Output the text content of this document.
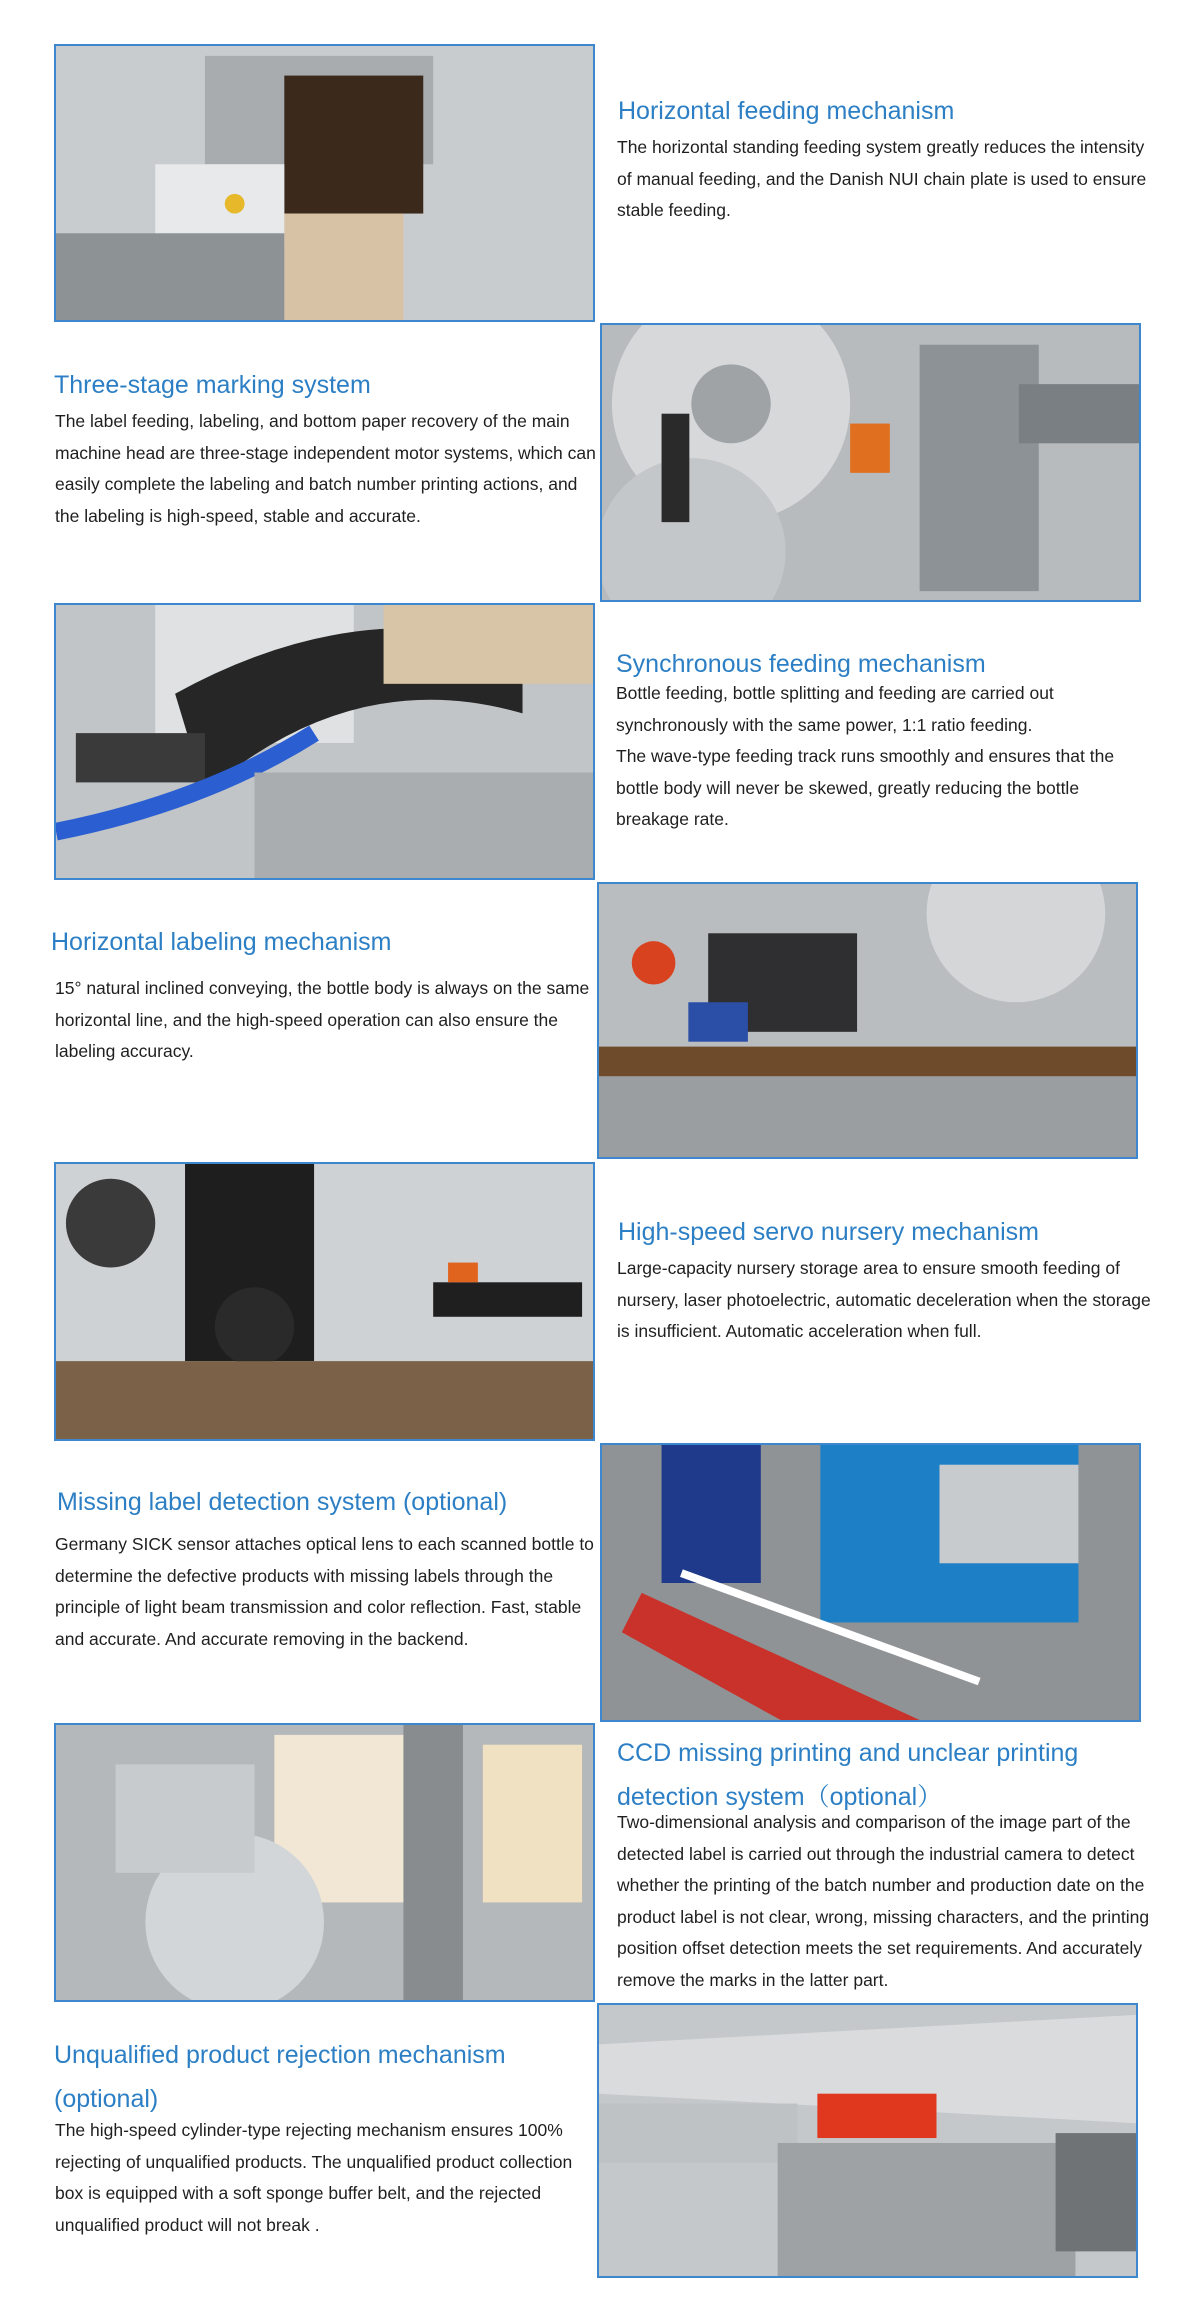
Horizontal feeding mechanism

The horizontal standing feeding system greatly reduces the intensity of manual feeding, and the Danish NUI chain plate is used to ensure stable feeding.

Three-stage marking system

The label feeding, labeling, and bottom paper recovery of the main machine head are three-stage independent motor systems, which can easily complete the labeling and batch number printing actions, and the labeling is high-speed, stable and accurate.

Synchronous feeding mechanism

Bottle feeding, bottle splitting and feeding are carried out synchronously with the same power, 1:1 ratio feeding.

The wave-type feeding track runs smoothly and ensures that the bottle body will never be skewed, greatly reducing the bottle breakage rate.

Horizontal labeling mechanism

15° natural inclined conveying, the bottle body is always on the same horizontal line, and the high-speed operation can also ensure the labeling accuracy.

High-speed servo nursery mechanism

Large-capacity nursery storage area to ensure smooth feeding of nursery, laser photoelectric, automatic deceleration when the storage is insufficient. Automatic acceleration when full.

Missing label detection system (optional)

Germany SICK sensor attaches optical lens to each scanned bottle to determine the defective products with missing labels through the principle of light beam transmission and color reflection. Fast, stable and accurate. And accurate removing in the backend.

CCD missing printing and unclear printing detection system（optional）

Two-dimensional analysis and comparison of the image part of the detected label is carried out through the industrial camera to detect whether the printing of the batch number and production date on the product label is not clear, wrong, missing characters, and the printing position offset detection meets the set requirements. And accurately remove the marks in the latter part.

Unqualified product rejection mechanism (optional)

The high-speed cylinder-type rejecting mechanism ensures 100% rejecting of unqualified products. The unqualified product collection box is equipped with a soft sponge buffer belt, and the rejected unqualified product will not break .
